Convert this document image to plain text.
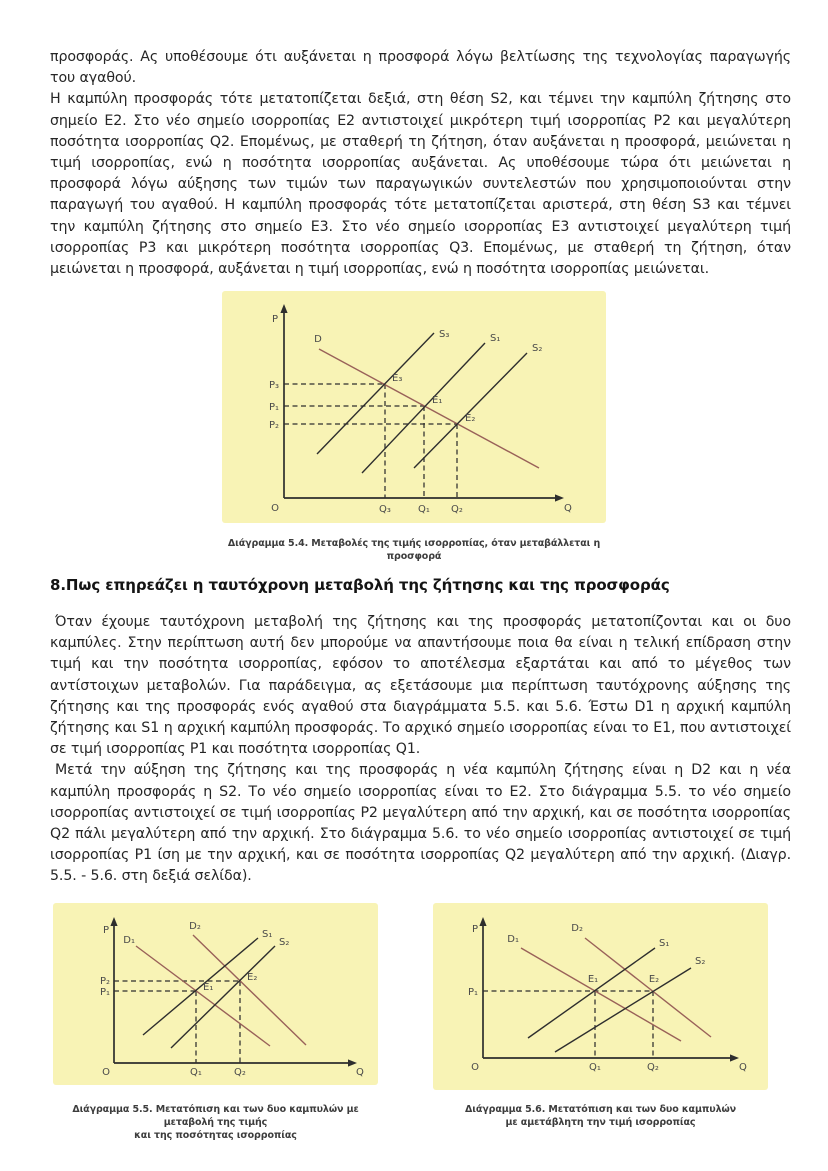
προσφοράς. Ας υποθέσουμε ότι αυξάνεται η προσφορά λόγω βελτίωσης της τεχνολογίας παραγωγής του αγαθού.

Η καμπύλη προσφοράς τότε μετατοπίζεται δεξιά, στη θέση S2, και τέμνει την καμπύλη ζήτησης στο σημείο E2. Στο νέο σημείο ισορροπίας E2 αντιστοιχεί μικρότερη τιμή ισορροπίας P2 και μεγαλύτερη ποσότητα ισορροπίας Q2. Επομένως, με σταθερή τη ζήτηση, όταν αυξάνεται η προσφορά, μειώνεται η τιμή ισορροπίας, ενώ η ποσότητα ισορροπίας αυξάνεται. Ας υποθέσουμε τώρα ότι μειώνεται η προσφορά λόγω αύξησης των τιμών των παραγωγικών συντελεστών που χρησιμοποιούνται στην παραγωγή του αγαθού. Η καμπύλη προσφοράς τότε μετατοπίζεται αριστερά, στη θέση S3 και τέμνει την καμπύλη ζήτησης στο σημείο E3. Στο νέο σημείο ισορροπίας E3 αντιστοιχεί μεγαλύτερη τιμή ισορροπίας P3 και μικρότερη ποσότητα ισορροπίας Q3. Επομένως, με σταθερή τη ζήτηση, όταν μειώνεται η προσφορά, αυξάνεται η τιμή ισορροπίας, ενώ η ποσότητα ισορροπίας μειώνεται.

P
Q
O
D	S₃	S₁
S₂
E₃
E₁
E₂
P₃
P₁
P₂
Q₃	Q₁ Q₂
Διάγραμμα 5.4. Μεταβολές της τιμής ισορροπίας, όταν μεταβάλλεται η προσφορά
8.Πως επηρεάζει η ταυτόχρονη μεταβολή της ζήτησης και της προσφοράς

Όταν έχουμε ταυτόχρονη μεταβολή της ζήτησης και της προσφοράς μετατοπίζονται και οι δυο καμπύλες. Στην περίπτωση αυτή δεν μπορούμε να απαντήσουμε ποια θα είναι η τελική επίδραση στην τιμή και την ποσότητα ισορροπίας, εφόσον το αποτέλεσμα εξαρτάται και από το μέγεθος των αντίστοιχων μεταβολών. Για παράδειγμα, ας εξετάσουμε μια περίπτωση ταυτόχρονης αύξησης της ζήτησης και της προσφοράς ενός αγαθού στα διαγράμματα 5.5. και 5.6. Έστω D1 η αρχική καμπύλη ζήτησης και S1 η αρχική καμπύλη προσφοράς. Το αρχικό σημείο ισορροπίας είναι το E1, που αντιστοιχεί σε τιμή ισορροπίας P1 και ποσότητα ισορροπίας Q1.

Μετά την αύξηση της ζήτησης και της προσφοράς η νέα καμπύλη ζήτησης είναι η D2 και η νέα καμπύλη προσφοράς η S2. Το νέο σημείο ισορροπίας είναι το E2. Στο διάγραμμα 5.5. το νέο σημείο ισορροπίας αντιστοιχεί σε τιμή ισορροπίας P2 μεγαλύτερη από την αρχική, και σε ποσότητα ισορροπίας Q2 πάλι μεγαλύτερη από την αρχική. Στο διάγραμμα 5.6. το νέο σημείο ισορροπίας αντιστοιχεί σε τιμή ισορροπίας P1 ίση με την αρχική, και σε ποσότητα ισορροπίας Q2 μεγαλύτερη από την αρχική. (Διαγρ. 5.5. - 5.6. στη δεξιά σελίδα).

P
Q
O
D₁
D₂
S₁
S₂
E₁
E₂
P₂
P₁
Q₁	Q₂
Διάγραμμα 5.5. Μετατόπιση και των δυο καμπυλών με μεταβολή της τιμής
και της ποσότητας ισορροπίας
P
Q
O
D₁
D₂
S₁
S₂
E₁	E₂
P₁
Q₁	Q₂
Διάγραμμα 5.6. Μετατόπιση και των δυο καμπυλών
με αμετάβλητη την τιμή ισορροπίας
